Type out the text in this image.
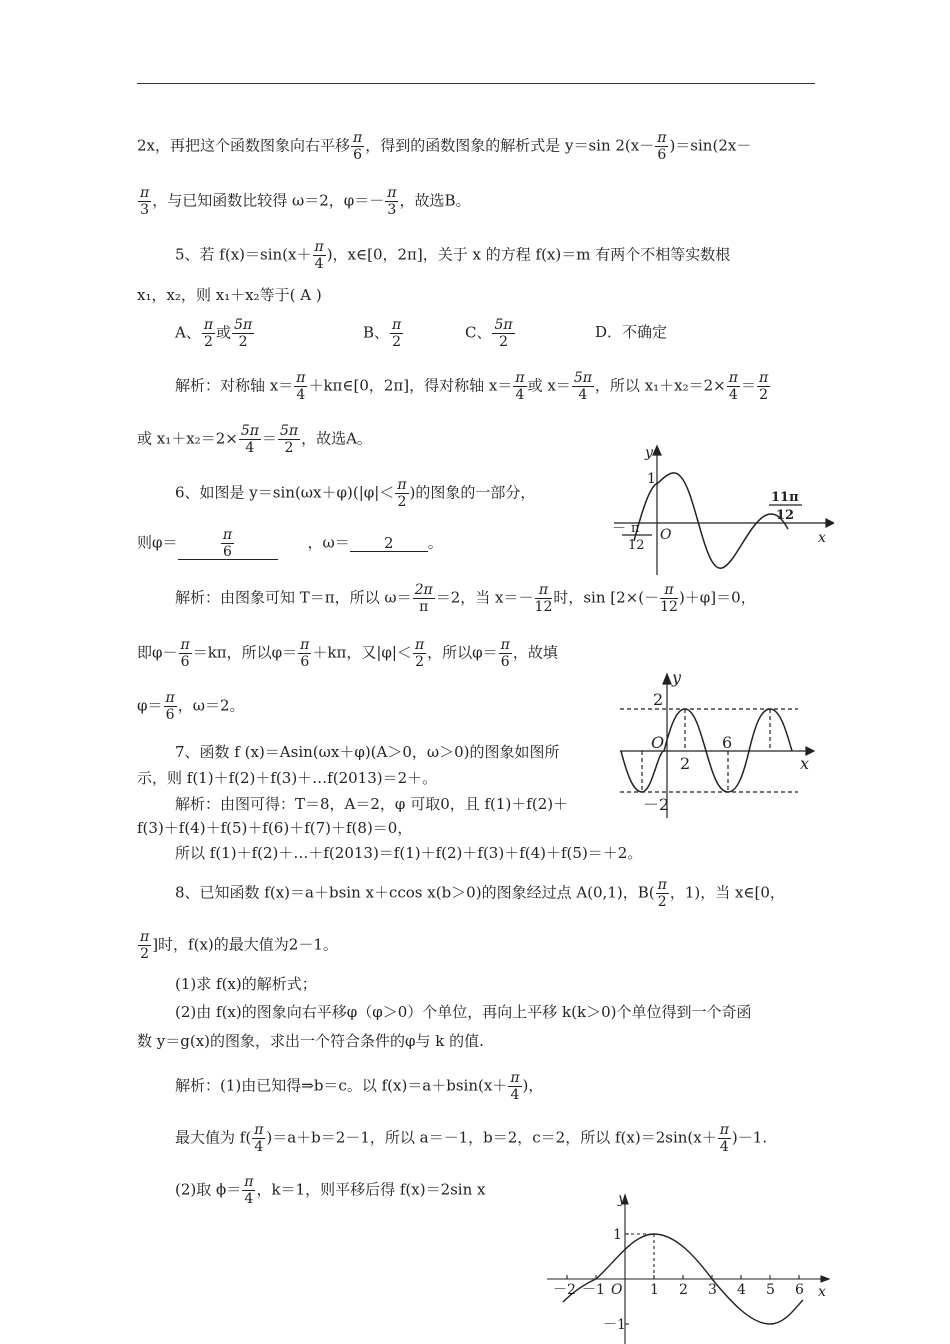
2x，再把这个函数图象向右平移 $\frac{\pi}{6}$ ，得到的函数图象的解析式是 y＝sin $2(x- \frac{\pi}{6} )=\sin(2x-$
$\frac{\pi}{3}$ ，与已知函数比较得 ω＝2，$\varphi=- \frac{\pi}{3}$ ，故选B。
5、若 $f(x)=\sin(x+ \frac{\pi}{4}$ )，x∈[0，2π]，关于 x 的方程 f(x)＝m 有两个不相等实数根
x₁，x₂，则 x₁＋x₂等于( A )
A、 $\frac{\pi}{2}$ 或 $\frac{5\pi}{2}$	B、 $\frac{\pi}{2}$	C、 $\frac{5\pi}{2}$	D．不确定
解析：对称轴 $x= \frac{\pi}{4}$ ＋kπ∈[0，2π]，得对称轴 $x= \frac{\pi}{4}$ 或 $x= \frac{5\pi}{4}$ ，所以 $x_1+x_2=2\times \frac{\pi}{4} = \frac{\pi}{2}$
或 $x_1+x_2=2\times \frac{5\pi}{4} = \frac{5\pi}{2}$ ，故选A。
6、如图是 $y=\sin(\omega x+\varphi)(|\varphi|< \frac{\pi}{2}$ )的图象的一部分，
则φ＝	$\frac{\pi}{6}$	，ω＝ 2 。
y
x
O
1
－ π
12
11π
12
解析：由图象可知 T＝π，所以 $\omega= \frac{2\pi}{\pi} =2$，当 $x=- \frac{\pi}{12}$ 时，$\sin [2\times(- \frac{\pi}{12} )+\varphi]=0$，
即$\varphi- \frac{\pi}{6} =k\pi$，所以$\varphi= \frac{\pi}{6} +k\pi$，又$|\varphi|< \frac{\pi}{2}$ ，所以$\varphi= \frac{\pi}{6}$ ，故填
$\varphi= \frac{\pi}{6}$ ，ω＝2。
y
x
O
2
2
6
－2
7、函数 f (x)＝Asin(ωx＋φ)(A＞0，ω＞0)的图象如图所
示，则 f(1)＋f(2)＋f(3)＋…f(2013)＝2＋。
解析：由图可得：T＝8，A＝2，φ 可取0，且 f(1)＋f(2)＋
f(3)＋f(4)＋f(5)＋f(6)＋f(7)＋f(8)＝0，
所以 f(1)＋f(2)＋…＋f(2013)＝f(1)＋f(2)＋f(3)＋f(4)＋f(5)＝＋2。
8、已知函数 f(x)＝a＋bsin x＋ccos x(b＞0)的图象经过点 A(0,1)，$B( \frac{\pi}{2}$ ，1)，当 x∈[0，
$\frac{\pi}{2}$ ]时，f(x)的最大值为2－1。
(1)求 f(x)的解析式；
(2)由 f(x)的图象向右平移φ（φ＞0）个单位，再向上平移 k(k＞0)个单位得到一个奇函
数 y＝g(x)的图象，求出一个符合条件的φ与 k 的值.
解析：(1)由已知得⇒b＝c。以 $f(x)=a+bsin(x+ \frac{\pi}{4}$ )，
最大值为 $f( \frac{\pi}{4} )=a+b=2-1$，所以 a＝－1，b＝2，c＝2，所以 $f(x)=2\sin(x+ \frac{\pi}{4} )-1$.
(2)取 $\phi= \frac{\pi}{4}$ ，k＝1，则平移后得 f(x)＝2sin x
y
x
O
1
－1
－2 －1	1 2 3 4 5 6
